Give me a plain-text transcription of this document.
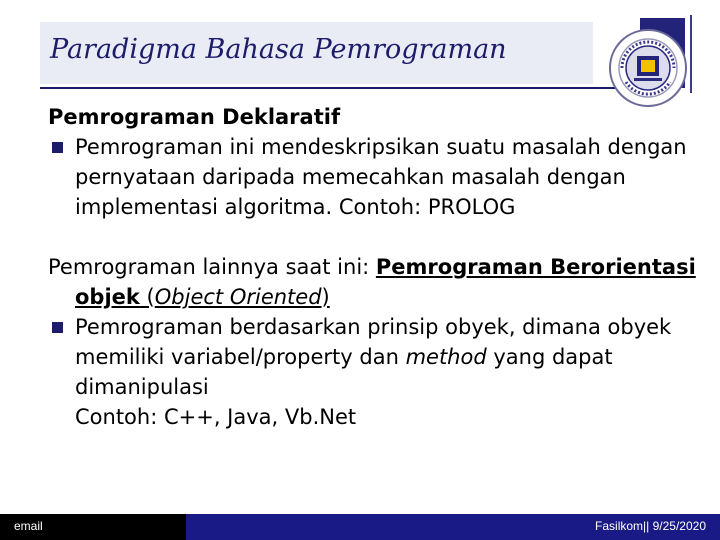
Paradigma Bahasa Pemrograman
Pemrograman Deklaratif
Pemrograman ini mendeskripsikan suatu masalah dengan pernyataan daripada memecahkan masalah dengan implementasi algoritma. Contoh: PROLOG
Pemrograman lainnya saat ini: Pemrograman Berorientasi objek (Object Oriented)
Pemrograman berdasarkan prinsip obyek, dimana obyek memiliki variabel/property dan method yang dapat dimanipulasi
Contoh: C++, Java, Vb.Net
email	Fasilkom|| 9/25/2020
